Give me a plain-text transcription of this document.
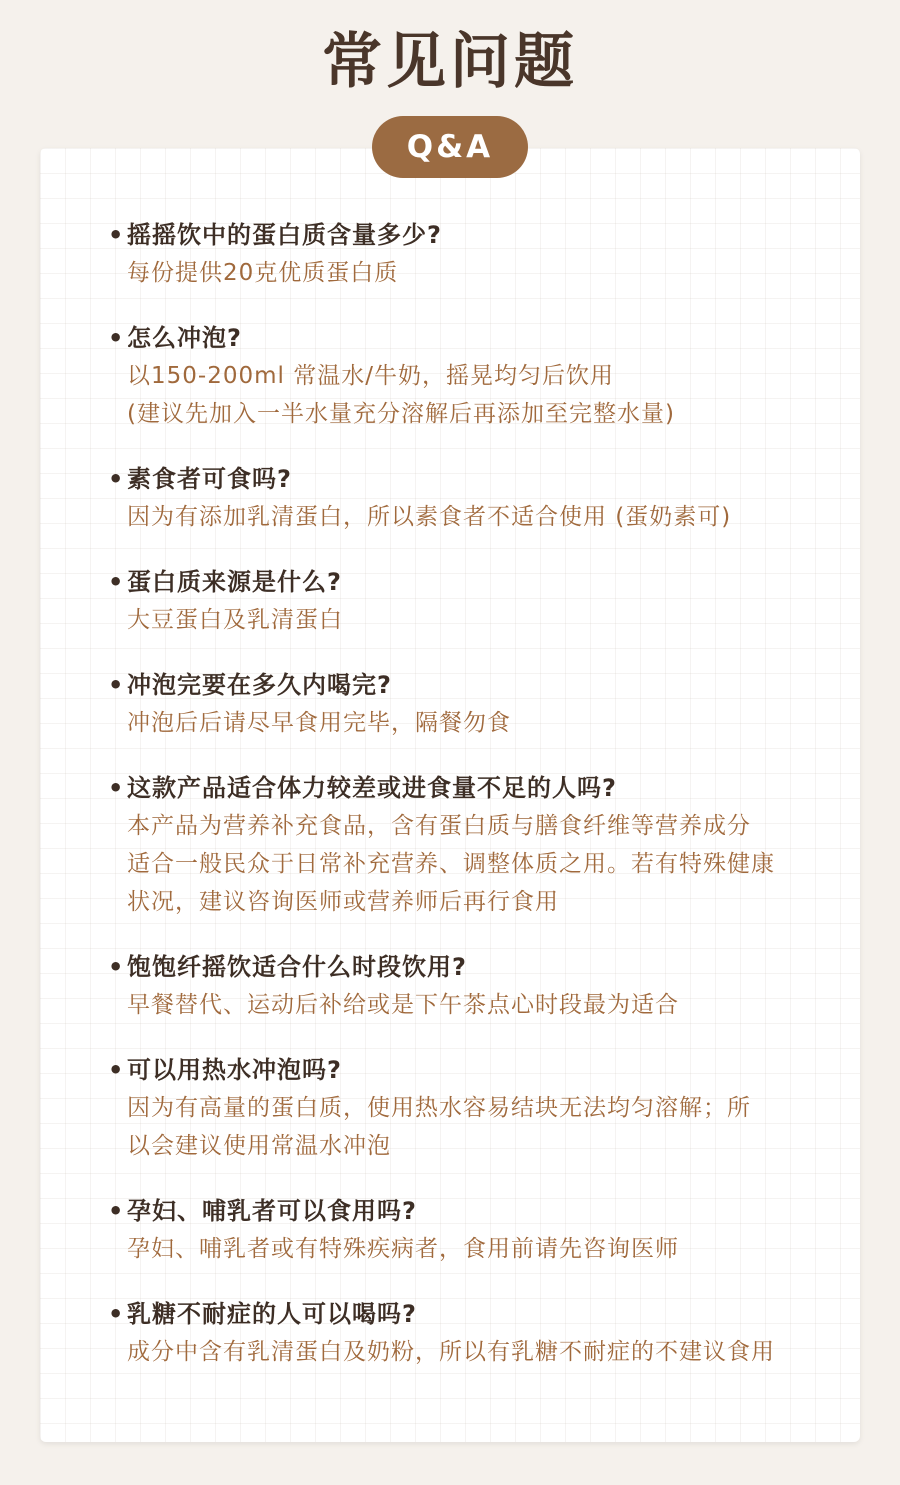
常见问题
Q&A
• 摇摇饮中的蛋白质含量多少?
每份提供20克优质蛋白质
• 怎么冲泡?
以150-200ml 常温水/牛奶，摇晃均匀后饮用
(建议先加入一半水量充分溶解后再添加至完整水量)
• 素食者可食吗?
因为有添加乳清蛋白，所以素食者不适合使用 (蛋奶素可)
• 蛋白质来源是什么?
大豆蛋白及乳清蛋白
• 冲泡完要在多久内喝完?
冲泡后后请尽早食用完毕，隔餐勿食
• 这款产品适合体力较差或进食量不足的人吗?
本产品为营养补充食品，含有蛋白质与膳食纤维等营养成分
适合一般民众于日常补充营养、调整体质之用。若有特殊健康
状况，建议咨询医师或营养师后再行食用
• 饱饱纤摇饮适合什么时段饮用?
早餐替代、运动后补给或是下午茶点心时段最为适合
• 可以用热水冲泡吗?
因为有高量的蛋白质，使用热水容易结块无法均匀溶解；所
以会建议使用常温水冲泡
• 孕妇、哺乳者可以食用吗?
孕妇、哺乳者或有特殊疾病者，食用前请先咨询医师
• 乳糖不耐症的人可以喝吗?
成分中含有乳清蛋白及奶粉，所以有乳糖不耐症的不建议食用
